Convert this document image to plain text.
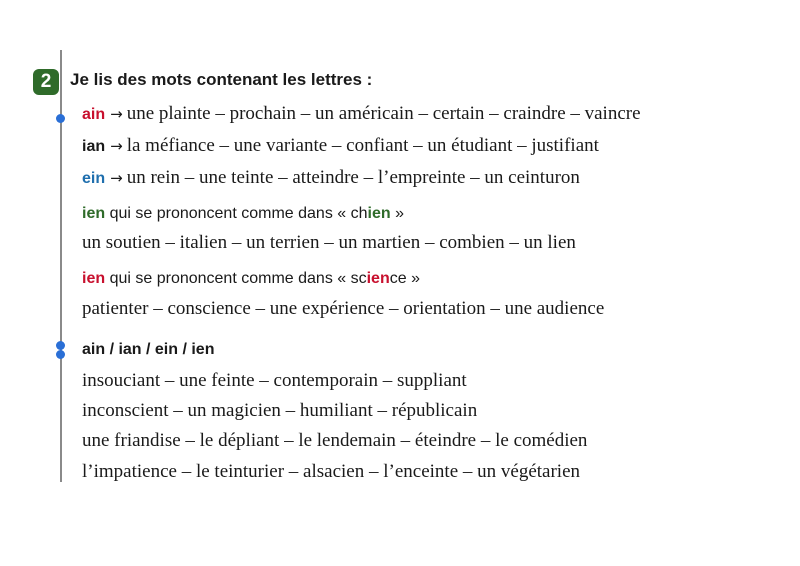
2	Je lis des mots contenant les lettres :
ain → une plainte – prochain – un américain – certain – craindre – vaincre
ian → la méfiance – une variante – confiant – un étudiant – justifiant
ein → un rein – une teinte – atteindre – l’empreinte – un ceinturon
ien qui se prononcent comme dans « chien »
un soutien – italien – un terrien – un martien – combien – un lien
ien qui se prononcent comme dans « science »
patienter – conscience – une expérience – orientation – une audience
ain / ian / ein / ien
insouciant – une feinte – contemporain – suppliant
inconscient – un magicien – humiliant – républicain
une friandise – le dépliant – le lendemain – éteindre – le comédien
l’impatience – le teinturier – alsacien – l’enceinte – un végétarien
